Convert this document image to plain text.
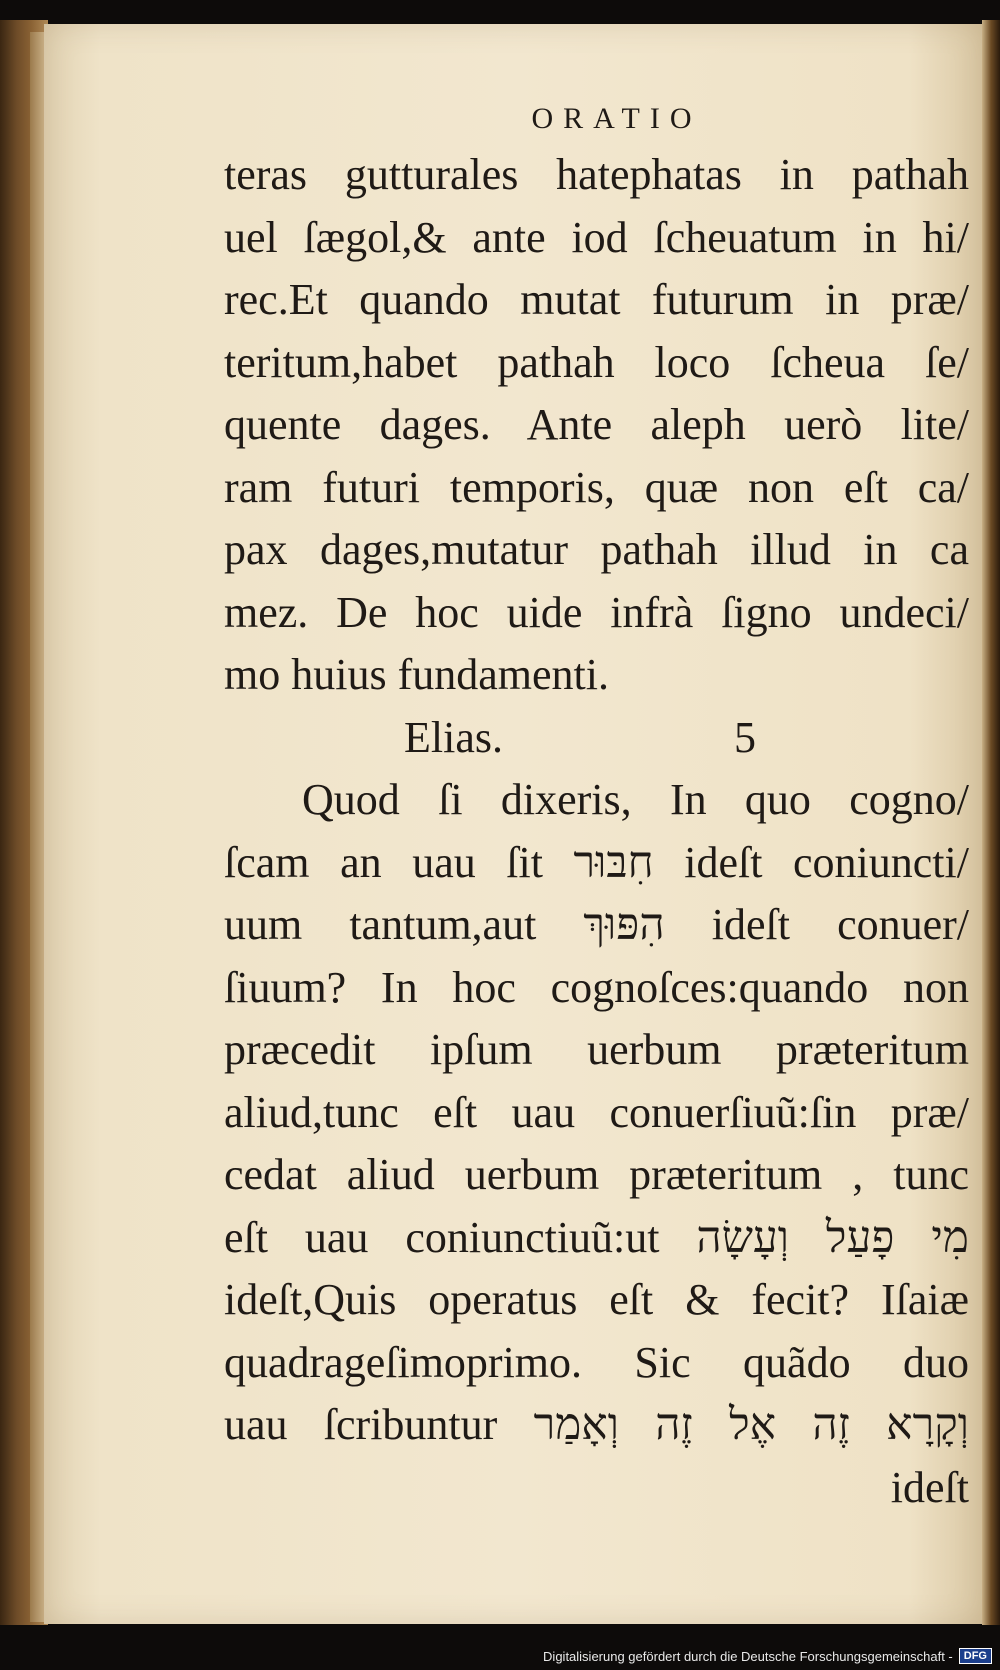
ORATIO
teras gutturales hatephatas in pathah
uel ſægol,& ante iod ſcheuatum in hi/
rec.Et quando mutat futurum in præ/
teritum,habet pathah loco ſcheua ſe/
quente dages. Ante aleph uerò lite/
ram futuri temporis, quæ non eſt ca/
pax dages,mutatur pathah illud in ca
mez. De hoc uide infrà ſigno undeci/
mo huius fundamenti.
Elias.	5
Quod ſi dixeris, In quo cogno/
ſcam an uau ſit חִבּוּר ideſt coniuncti/
uum tantum,aut הִפּוּךְ ideſt conuer/
ſiuum? In hoc cognoſces:quando non
præcedit ipſum uerbum præteritum
aliud,tunc eſt uau conuerſiuũ:ſin præ/
cedat aliud uerbum præteritum , tunc
eſt uau coniunctiuũ:ut מִי פָעַל וְעָשָׂה
ideſt,Quis operatus eſt & fecit? Iſaiæ
quadrageſimoprimo. Sic quãdo duo
uau ſcribuntur וְקָרָא זֶה אֶל זֶה וְאָמַר
ideſt
Digitalisierung gefördert durch die Deutsche Forschungsgemeinschaft -	DFG
